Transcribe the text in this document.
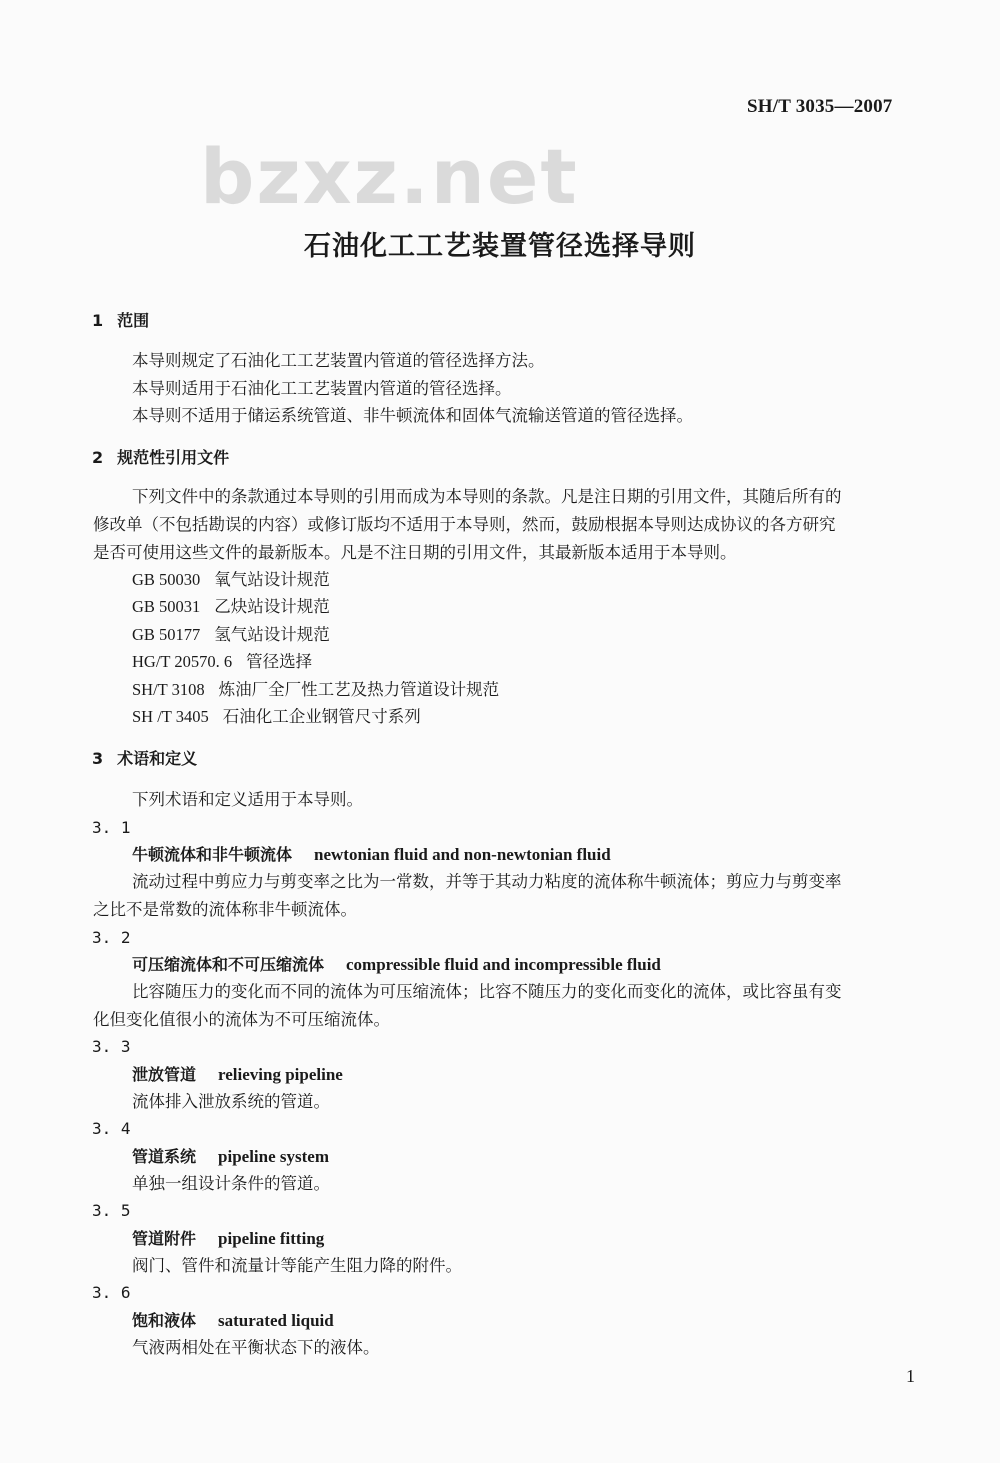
SH/T 3035—2007
bzxz.net
石油化工工艺装置管径选择导则
1 范围
本导则规定了石油化工工艺装置内管道的管径选择方法。
本导则适用于石油化工工艺装置内管道的管径选择。
本导则不适用于储运系统管道、非牛顿流体和固体气流输送管道的管径选择。
2 规范性引用文件
下列文件中的条款通过本导则的引用而成为本导则的条款。凡是注日期的引用文件，其随后所有的
修改单（不包括勘误的内容）或修订版均不适用于本导则，然而，鼓励根据本导则达成协议的各方研究
是否可使用这些文件的最新版本。凡是不注日期的引用文件，其最新版本适用于本导则。
GB 50030 氧气站设计规范
GB 50031 乙炔站设计规范
GB 50177 氢气站设计规范
HG/T 20570. 6 管径选择
SH/T 3108 炼油厂全厂性工艺及热力管道设计规范
SH /T 3405 石油化工企业钢管尺寸系列
3 术语和定义
下列术语和定义适用于本导则。
3. 1
牛顿流体和非牛顿流体 newtonian fluid and non-newtonian fluid
流动过程中剪应力与剪变率之比为一常数，并等于其动力粘度的流体称牛顿流体；剪应力与剪变率
之比不是常数的流体称非牛顿流体。
3. 2
可压缩流体和不可压缩流体 compressible fluid and incompressible fluid
比容随压力的变化而不同的流体为可压缩流体；比容不随压力的变化而变化的流体，或比容虽有变
化但变化值很小的流体为不可压缩流体。
3. 3
泄放管道 relieving pipeline
流体排入泄放系统的管道。
3. 4
管道系统 pipeline system
单独一组设计条件的管道。
3. 5
管道附件 pipeline fitting
阀门、管件和流量计等能产生阻力降的附件。
3. 6
饱和液体 saturated liquid
气液两相处在平衡状态下的液体。
1
